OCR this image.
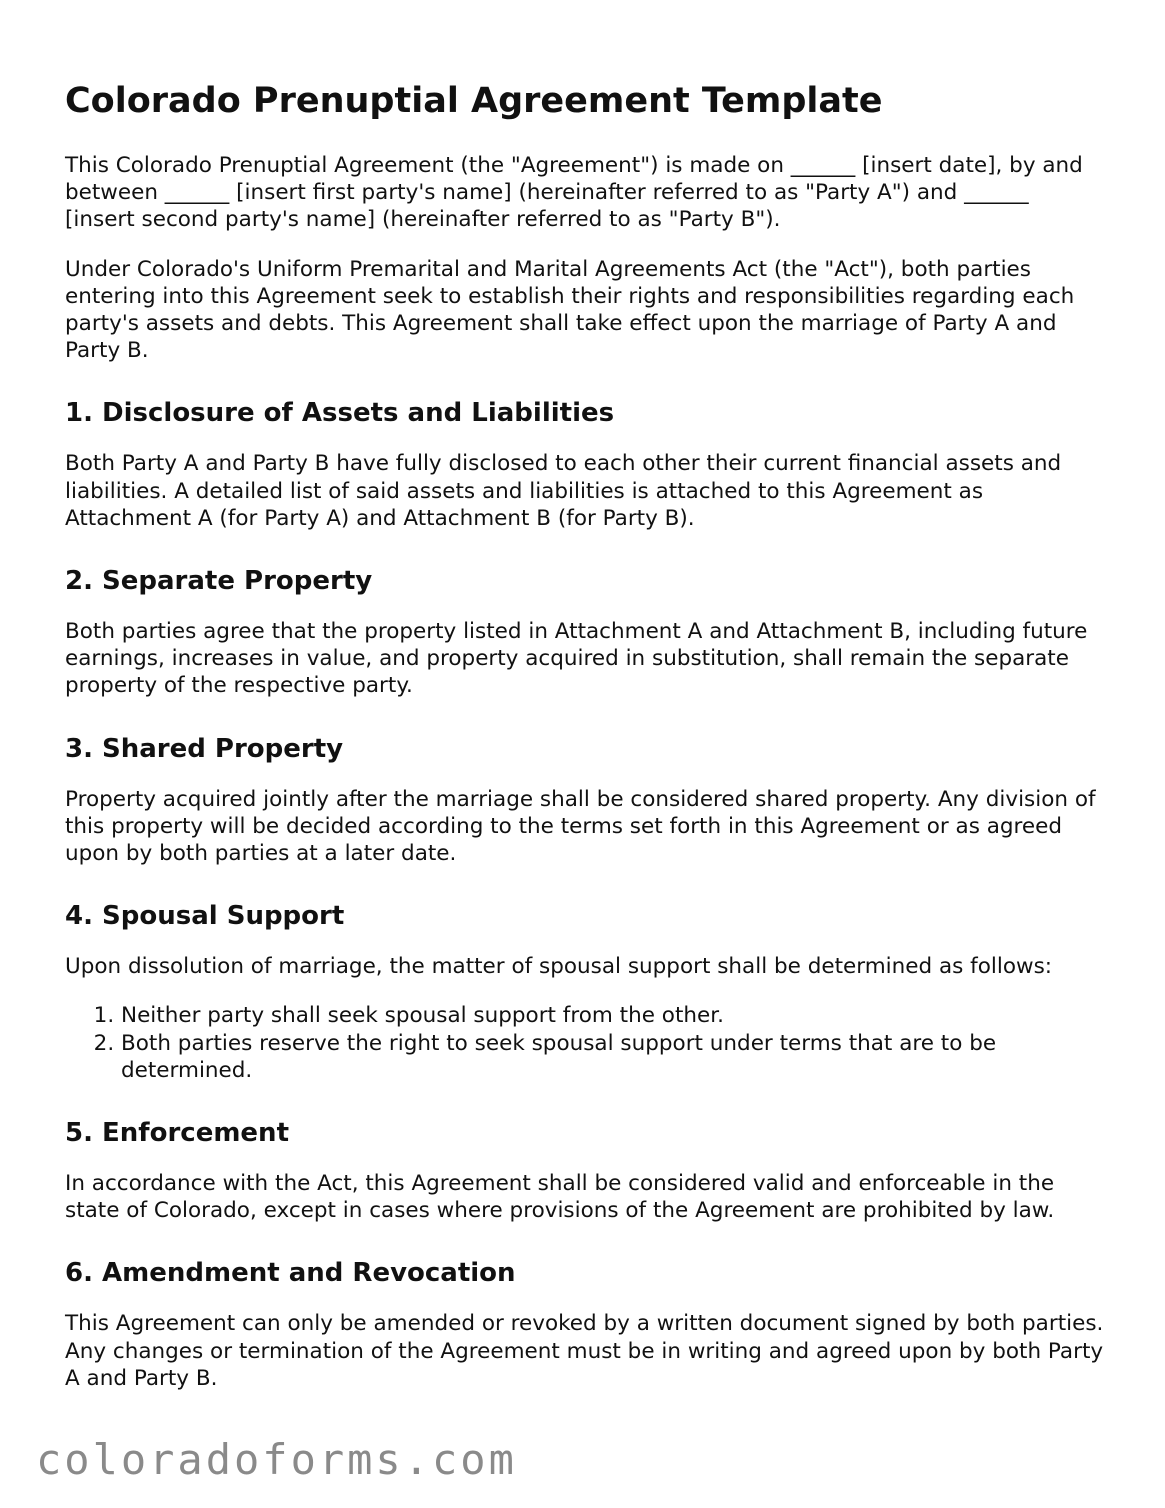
Colorado Prenuptial Agreement Template

This Colorado Prenuptial Agreement (the "Agreement") is made on ______ [insert date], by and between ______ [insert first party's name] (hereinafter referred to as "Party A") and ______ [insert second party's name] (hereinafter referred to as "Party B").

Under Colorado's Uniform Premarital and Marital Agreements Act (the "Act"), both parties entering into this Agreement seek to establish their rights and responsibilities regarding each party's assets and debts. This Agreement shall take effect upon the marriage of Party A and Party B.

1. Disclosure of Assets and Liabilities

Both Party A and Party B have fully disclosed to each other their current financial assets and liabilities. A detailed list of said assets and liabilities is attached to this Agreement as Attachment A (for Party A) and Attachment B (for Party B).

2. Separate Property

Both parties agree that the property listed in Attachment A and Attachment B, including future earnings, increases in value, and property acquired in substitution, shall remain the separate property of the respective party.

3. Shared Property

Property acquired jointly after the marriage shall be considered shared property. Any division of this property will be decided according to the terms set forth in this Agreement or as agreed upon by both parties at a later date.

4. Spousal Support

Upon dissolution of marriage, the matter of spousal support shall be determined as follows:

1. Neither party shall seek spousal support from the other.
2. Both parties reserve the right to seek spousal support under terms that are to be determined.
5. Enforcement

In accordance with the Act, this Agreement shall be considered valid and enforceable in the state of Colorado, except in cases where provisions of the Agreement are prohibited by law.

6. Amendment and Revocation

This Agreement can only be amended or revoked by a written document signed by both parties. Any changes or termination of the Agreement must be in writing and agreed upon by both Party A and Party B.

coloradoforms.com
